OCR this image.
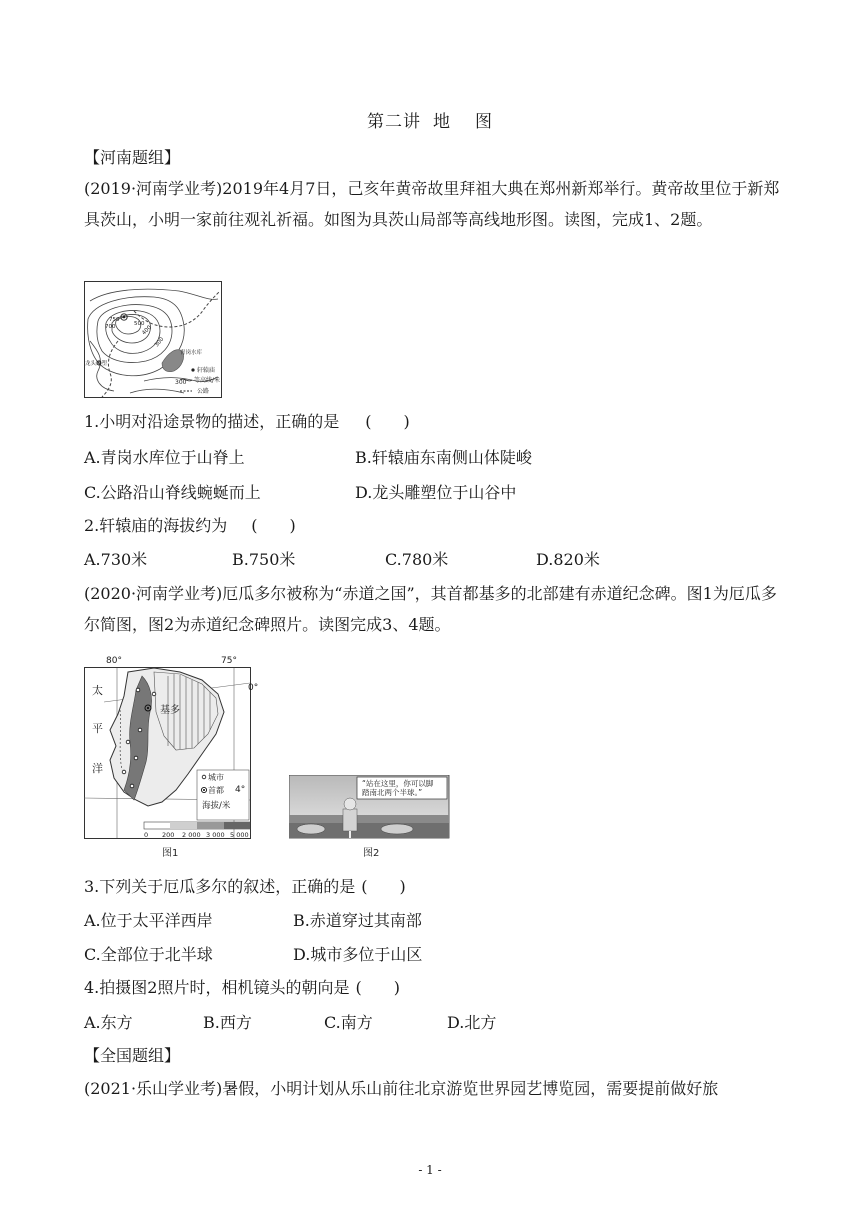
第二讲 地 图
【河南题组】
(2019·河南学业考)2019年4月7日，己亥年黄帝故里拜祖大典在郑州新郑举行。黄帝故里位于新郑具茨山，小明一家前往观礼祈福。如图为具茨山局部等高线地形图。读图，完成1、2题。
750
700	500
400
300
青岗水库
龙头雕塑
轩辕庙
300 等高线/米
公路
1.小明对沿途景物的描述，正确的是 (　　)
A.青岗水库位于山脊上	B.轩辕庙东南侧山体陡峻
C.公路沿山脊线蜿蜒而上	D.龙头雕塑位于山谷中
2.轩辕庙的海拔约为 (　　)
A.730米	B.750米	C.780米	D.820米
(2020·河南学业考)厄瓜多尔被称为“赤道之国”，其首都基多的北部建有赤道纪念碑。图1为厄瓜多尔简图，图2为赤道纪念碑照片。读图完成3、4题。
80°	75°
太
平
洋
基多
城市
首都
海拔/米
4°
0 200 2 000 3 000 5 000
图1
0°
“站在这里，你可以脚
踏南北两个半球。”
图2
3.下列关于厄瓜多尔的叙述，正确的是 (　　)
A.位于太平洋西岸	B.赤道穿过其南部
C.全部位于北半球	D.城市多位于山区
4.拍摄图2照片时，相机镜头的朝向是 (　　)
A.东方	B.西方	C.南方	D.北方
【全国题组】
(2021·乐山学业考)暑假，小明计划从乐山前往北京游览世界园艺博览园，需要提前做好旅
- 1 -
